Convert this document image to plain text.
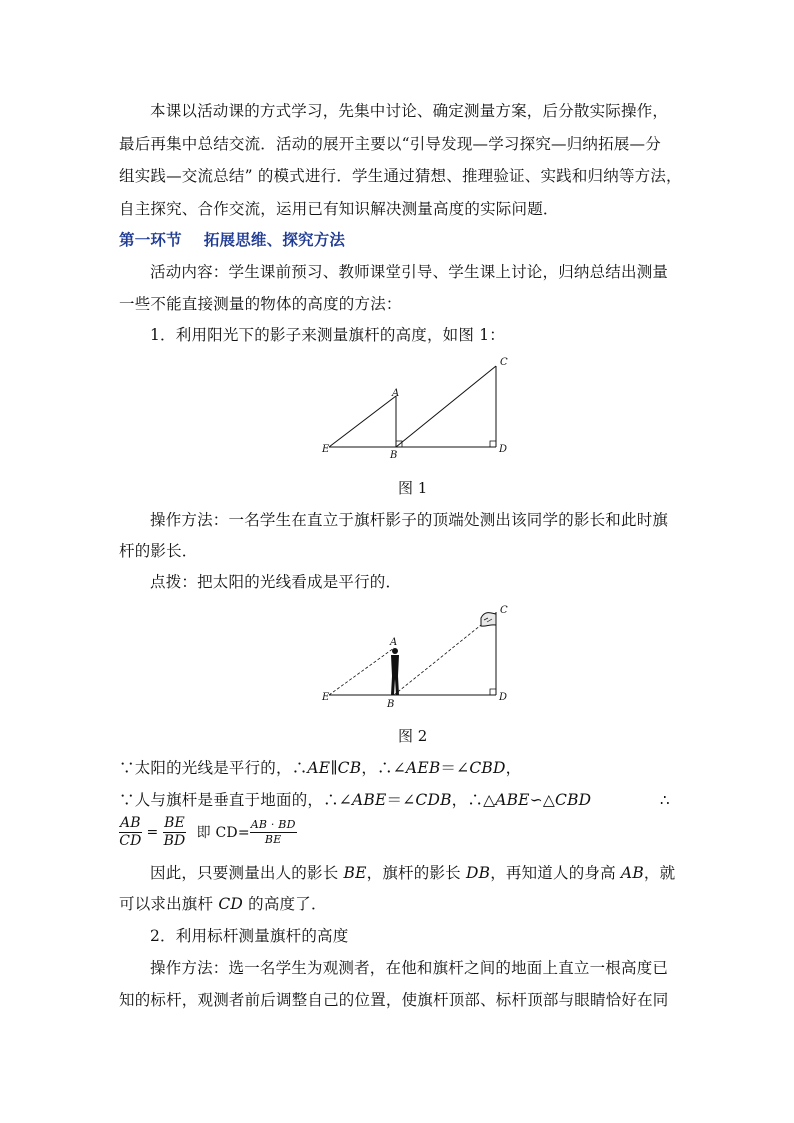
本课以活动课的方式学习，先集中讨论、确定测量方案，后分散实际操作，
最后再集中总结交流．活动的展开主要以“引导发现—学习探究—归纳拓展—分
组实践—交流总结” 的模式进行．学生通过猜想、推理验证、实践和归纳等方法，
自主探究、合作交流，运用已有知识解决测量高度的实际问题．
第一环节 拓展思维、探究方法
活动内容：学生课前预习、教师课堂引导、学生课上讨论，归纳总结出测量
一些不能直接测量的物体的高度的方法：
1．利用阳光下的影子来测量旗杆的高度，如图 1：
A
B
C
D
E
图 1
操作方法：一名学生在直立于旗杆影子的顶端处测出该同学的影长和此时旗
杆的影长．
点拨：把太阳的光线看成是平行的．
A
B
C
D
E
图 2
∵太阳的光线是平行的，∴AE∥CB，∴∠AEB＝∠CBD，
∵人与旗杆是垂直于地面的，∴∠ABE＝∠CDB，∴△ABE∽△CBD	∴
$\frac{AB}{CD} = \frac{BE}{BD}$ 即 $CD= \frac{AB \cdot BD}{BE}$
因此，只要测量出人的影长 BE，旗杆的影长 DB，再知道人的身高 AB，就
可以求出旗杆 CD 的高度了．
2．利用标杆测量旗杆的高度
操作方法：选一名学生为观测者，在他和旗杆之间的地面上直立一根高度已
知的标杆，观测者前后调整自己的位置，使旗杆顶部、标杆顶部与眼睛恰好在同
